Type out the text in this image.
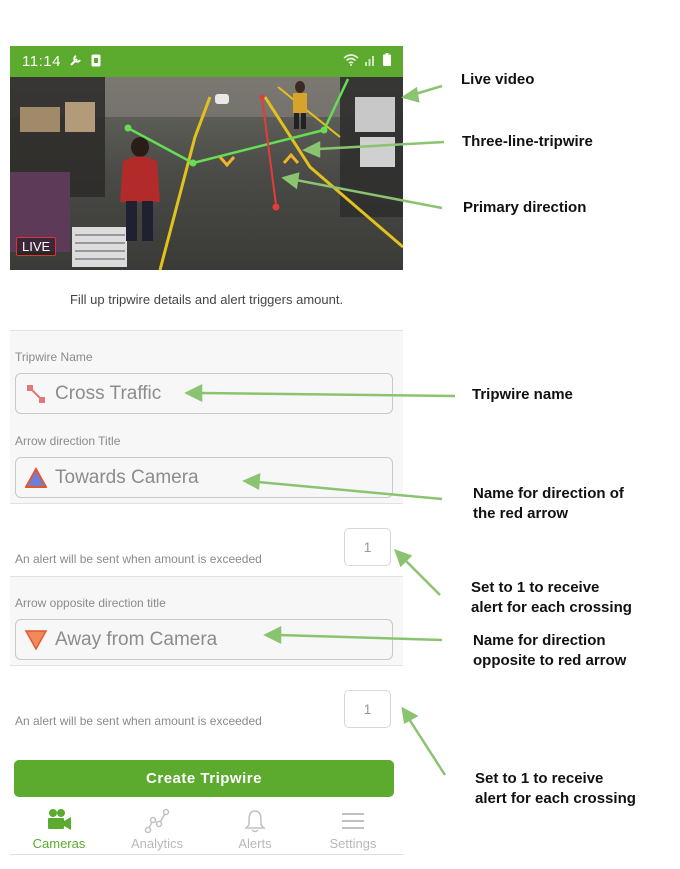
11:14
LIVE
Fill up tripwire details and alert triggers amount.
Tripwire Name
Cross Traffic
Arrow direction Title
Towards Camera
1
An alert will be sent when amount is exceeded
Arrow opposite direction title
Away from Camera
1
An alert will be sent when amount is exceeded
Create Tripwire
Cameras	Analytics	Alerts	Settings
Live video
Three-line-tripwire
Primary direction
Tripwire name
Name for direction of
the red arrow
Set to 1 to receive
alert for each crossing
Name for direction
opposite to red arrow
Set to 1 to receive
alert for each crossing
